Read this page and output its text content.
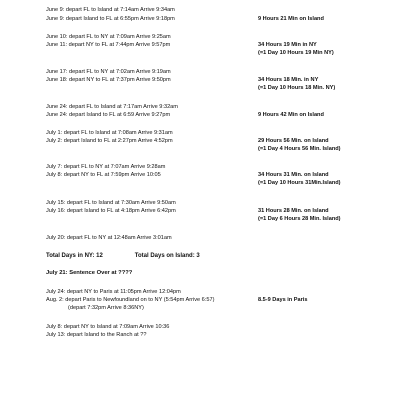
June 9: depart FL to Island at 7:14am Arrive 9:34am
June 9: depart Island to FL at 6:55pm Arrive 9:18pm	9 Hours 21 Min on Island
June 10: depart FL to NY at 7:09am Arrive 9:25am
June 11: depart NY to FL at 7:44pm Arrive 9:57pm	34 Hours 19 Min in NY
(=1 Day 10 Hours 19 Min NY)
June 17: depart FL to NY at 7:02am Arrive 9:19am
June 18: depart NY to FL at 7:37pm Arrive 9:50pm	34 Hours 18 Min. in NY
(=1 Day 10 Hours 18 Min. NY)
June 24: depart FL to Island at 7:17am Arrive 9:32am
June 24: depart Island to FL at 6:59 Arrive 9:27pm	9 Hours 42 Min on Island
July 1: depart FL to Island at 7:08am Arrive 9:31am
July 2: depart Island to FL at 2:27pm Arrive 4:52pm	29 Hours 56 Min. on Island
(=1 Day 4 Hours 56 Min. Island)
July 7: depart FL to NY at 7:07am Arrive 9:28am
July 8: depart NY to FL at 7:59pm Arrive 10:05	34 Hours 31 Min. on Island
(=1 Day 10 Hours 31Min.Island)
July 15: depart FL to Island at 7:30am Arrive 9:50am
July 16: depart Island to FL at 4:18pm Arrive 6:42pm	31 Hours 28 Min. on Island
(=1 Day 6 Hours 28 Min. Island)
July 20: depart FL to NY at 12:48am Arrive 3:01am
Total Days in NY: 12	Total Days on Island: 3
July 21: Sentence Over at ????
July 24: depart NY to Paris at 11:05pm Arrive 12:04pm
Aug. 2: depart Paris to Newfoundland on to NY (5:54pm Arrive 6:57)	8.5-9 Days in Paris
(depart 7:32pm Arrive 8:36NY)
July 8: depart NY to Island at 7:09am Arrive 10:36
July 13: depart Island to the Ranch at ??
